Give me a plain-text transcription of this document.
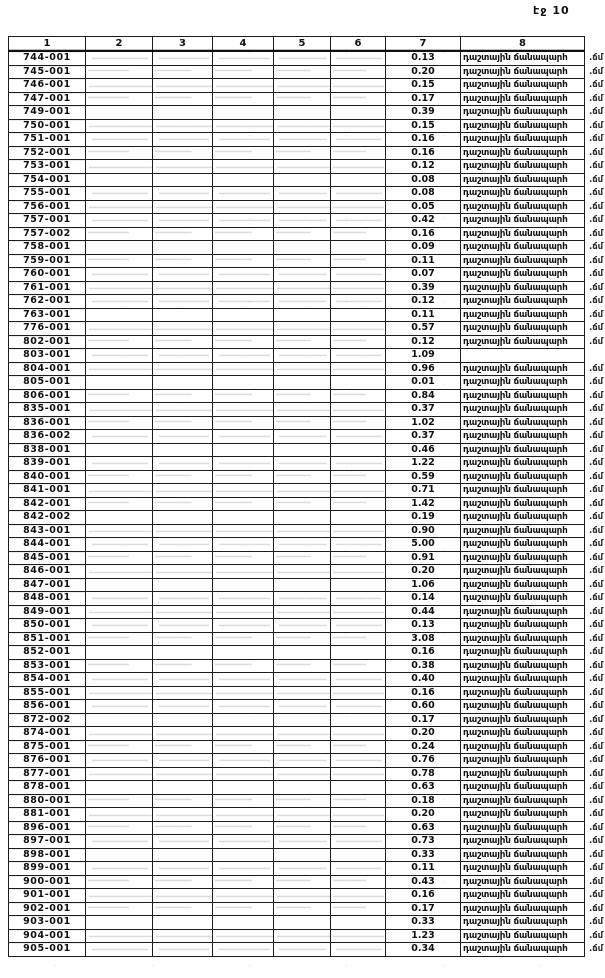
էջ 10
1	2	3	4	5	6	7	8	
744-001						0.13	դաշտային ճանապարհ	.ճմ
745-001						0.20	դաշտային ճանապարհ	.ճմ
746-001						0.15	դաշտային ճանապարհ	.ճմ
747-001						0.17	դաշտային ճանապարհ	.ճմ
749-001						0.39	դաշտային ճանապարհ	.ճմ
750-001						0.15	դաշտային ճանապարհ	.ճմ
751-001						0.16	դաշտային ճանապարհ	.ճմ
752-001						0.16	դաշտային ճանապարհ	.ճմ
753-001						0.12	դաշտային ճանապարհ	.ճմ
754-001						0.08	դաշտային ճանապարհ	.ճմ
755-001						0.08	դաշտային ճանապարհ	.ճմ
756-001						0.05	դաշտային ճանապարհ	.ճմ
757-001						0.42	դաշտային ճանապարհ	.ճմ
757-002						0.16	դաշտային ճանապարհ	.ճմ
758-001						0.09	դաշտային ճանապարհ	.ճմ
759-001						0.11	դաշտային ճանապարհ	.ճմ
760-001						0.07	դաշտային ճանապարհ	.ճմ
761-001						0.39	դաշտային ճանապարհ	.ճմ
762-001						0.12	դաշտային ճանապարհ	.ճմ
763-001						0.11	դաշտային ճանապարհ	.ճմ
776-001						0.57	դաշտային ճանապարհ	.ճմ
802-001						0.12	դաշտային ճանապարհ	.ճմ
803-001						1.09		
804-001						0.96	դաշտային ճանապարհ	.ճմ
805-001						0.01	դաշտային ճանապարհ	.ճմ
806-001						0.84	դաշտային ճանապարհ	.ճմ
835-001						0.37	դաշտային ճանապարհ	.ճմ
836-001						1.02	դաշտային ճանապարհ	.ճմ
836-002						0.37	դաշտային ճանապարհ	.ճմ
838-001						0.46	դաշտային ճանապարհ	.ճմ
839-001						1.22	դաշտային ճանապարհ	.ճմ
840-001						0.59	դաշտային ճանապարհ	.ճմ
841-001						0.71	դաշտային ճանապարհ	.ճմ
842-001						1.42	դաշտային ճանապարհ	.ճմ
842-002						0.19	դաշտային ճանապարհ	.ճմ
843-001						0.90	դաշտային ճանապարհ	.ճմ
844-001						5.00	դաշտային ճանապարհ	.ճմ
845-001						0.91	դաշտային ճանապարհ	.ճմ
846-001						0.20	դաշտային ճանապարհ	.ճմ
847-001						1.06	դաշտային ճանապարհ	.ճմ
848-001						0.14	դաշտային ճանապարհ	.ճմ
849-001						0.44	դաշտային ճանապարհ	.ճմ
850-001						0.13	դաշտային ճանապարհ	.ճմ
851-001						3.08	դաշտային ճանապարհ	.ճմ
852-001						0.16	դաշտային ճանապարհ	.ճմ
853-001						0.38	դաշտային ճանապարհ	.ճմ
854-001						0.40	դաշտային ճանապարհ	.ճմ
855-001						0.16	դաշտային ճանապարհ	.ճմ
856-001						0.60	դաշտային ճանապարհ	.ճմ
872-002						0.17	դաշտային ճանապարհ	.ճմ
874-001						0.20	դաշտային ճանապարհ	.ճմ
875-001						0.24	դաշտային ճանապարհ	.ճմ
876-001						0.76	դաշտային ճանապարհ	.ճմ
877-001						0.78	դաշտային ճանապարհ	.ճմ
878-001						0.63	դաշտային ճանապարհ	.ճմ
880-001						0.18	դաշտային ճանապարհ	.ճմ
881-001						0.20	դաշտային ճանապարհ	.ճմ
896-001						0.63	դաշտային ճանապարհ	.ճմ
897-001						0.73	դաշտային ճանապարհ	.ճմ
898-001						0.33	դաշտային ճանապարհ	.ճմ
899-001						0.11	դաշտային ճանապարհ	.ճմ
900-001						0.43	դաշտային ճանապարհ	.ճմ
901-001						0.16	դաշտային ճանապարհ	.ճմ
902-001						0.17	դաշտային ճանապարհ	.ճմ
903-001						0.33	դաշտային ճանապարհ	.ճմ
904-001						1.23	դաշտային ճանապարհ	.ճմ
905-001						0.34	դաշտային ճանապարհ	.ճմ
